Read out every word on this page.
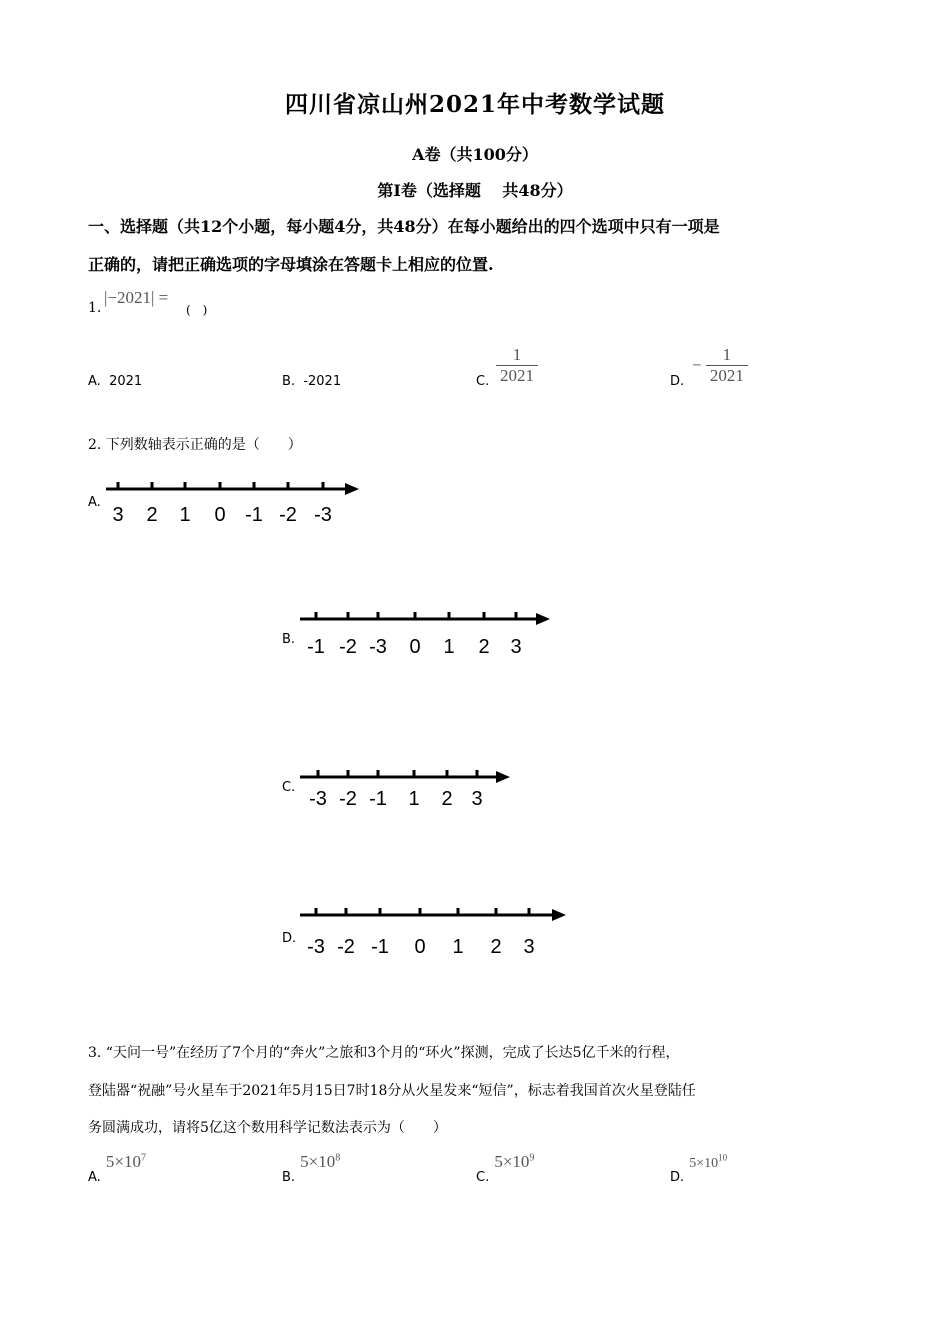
四川省凉山州2021年中考数学试题
A卷（共100分）
第I卷（选择题　 共48分）
一、选择题（共12个小题，每小题4分，共48分）在每小题给出的四个选项中只有一项是
正确的，请把正确选项的字母填涂在答题卡上相应的位置.
1.
|−2021| =
(　)
A. 2021	B. -2021	C. $\frac{1}{2021}$	D.
− $\frac{1}{2021}$
2. 下列数轴表示正确的是（　　）
A.
3 2 1 0 -1 -2 -3
B. -1 -2 -3 0 1 2 3
C.
-3 -2 -1 1 2 3
D. -3 -2 -1 0 1 2 3
3. “天问一号”在经历了7个月的“奔火”之旅和3个月的“环火”探测，完成了长达5亿千米的行程，
登陆器“祝融”号火星车于2021年5月15日7时18分从火星发来“短信”，标志着我国首次火星登陆任
务圆满成功，请将5亿这个数用科学记数法表示为（　　）
$_{A.}$ $5\times 10^7$
$_{B.}$ $5\times 10^8$
$_{C.}$ $5\times 10^9$
$_{D.}$ $5\times 10^{10}$
